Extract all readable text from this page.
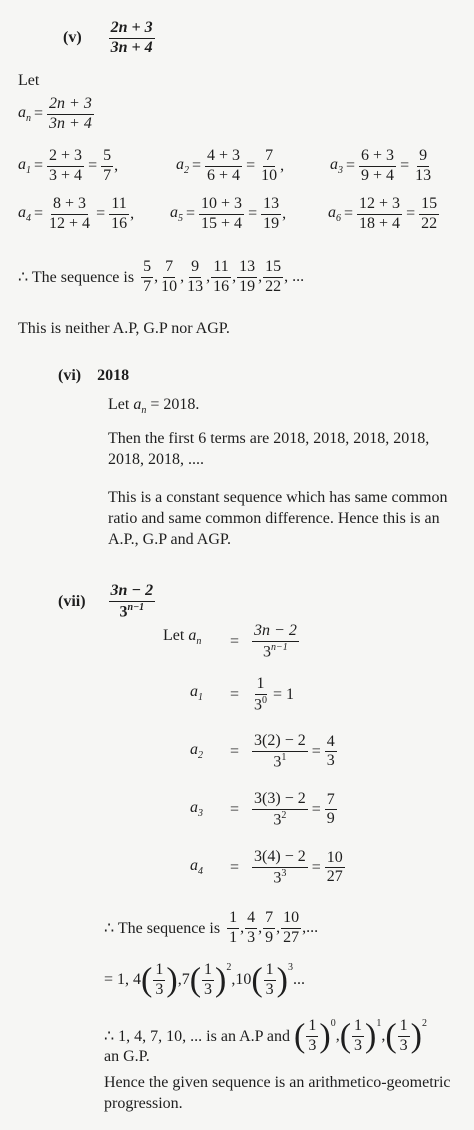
$(v) \frac{2n + 3}{3n + 4}$
Let
$a_n = \frac{2n + 3}{3n + 4}$
$a_1 = \frac{2 + 3}{3 + 4} = \frac{5}{7}$ ,	$a_2 = \frac{4 + 3}{6 + 4} = \frac{7}{10}$ ,	$a_3 = \frac{6 + 3}{9 + 4} = \frac{9}{13}$
$a_4 = \frac{8 + 3}{12 + 4} = \frac{11}{16}$ , $a_5 = \frac{10 + 3}{15 + 4} = \frac{13}{19}$ ,	$a_6 = \frac{12 + 3}{18 + 4} = \frac{15}{22}$
∴ The sequence is $\frac{5}{7}$ , $\frac{7}{10}$ , $\frac{9}{13}$ , $\frac{11}{16}$ , $\frac{13}{19}$ , $\frac{15}{22}$ , ...
This is neither A.P, G.P nor AGP.
(vi) 2018
Let $a_n = 2018$.
Then the first 6 terms are 2018, 2018, 2018, 2018, 2018, 2018, ....
This is a constant sequence which has same common ratio and same common difference. Hence this is an A.P., G.P and AGP.
$(vii) \frac{3n - 2}{3^{n-1}}$
Let $a_n = \frac{3n - 2}{3^{n-1}}$
$a_1 = \frac{1}{3^0} = 1$
$a_2 = \frac{3(2) - 2}{3^1} = \frac{4}{3}$
$a_3 = \frac{3(3) - 2}{3^2} = \frac{7}{9}$
$a_4 = \frac{3(4) - 2}{3^3} = \frac{10}{27}$
∴ The sequence is $\frac{1}{1}$ , $\frac{4}{3}$ , $\frac{7}{9}$ , $\frac{10}{27}$ ,...
= 1, $4( \frac{1}{3} ),7( \frac{1}{3} )^2,10( \frac{1}{3} )^3$...
∴ 1, 4, 7, 10, ... is an A.P and ( $\frac{1}{3} )^0,( \frac{1}{3} )^1,( \frac{1}{3} )^2$
an G.P.
Hence the given sequence is an arithmetico-geometric progression.
